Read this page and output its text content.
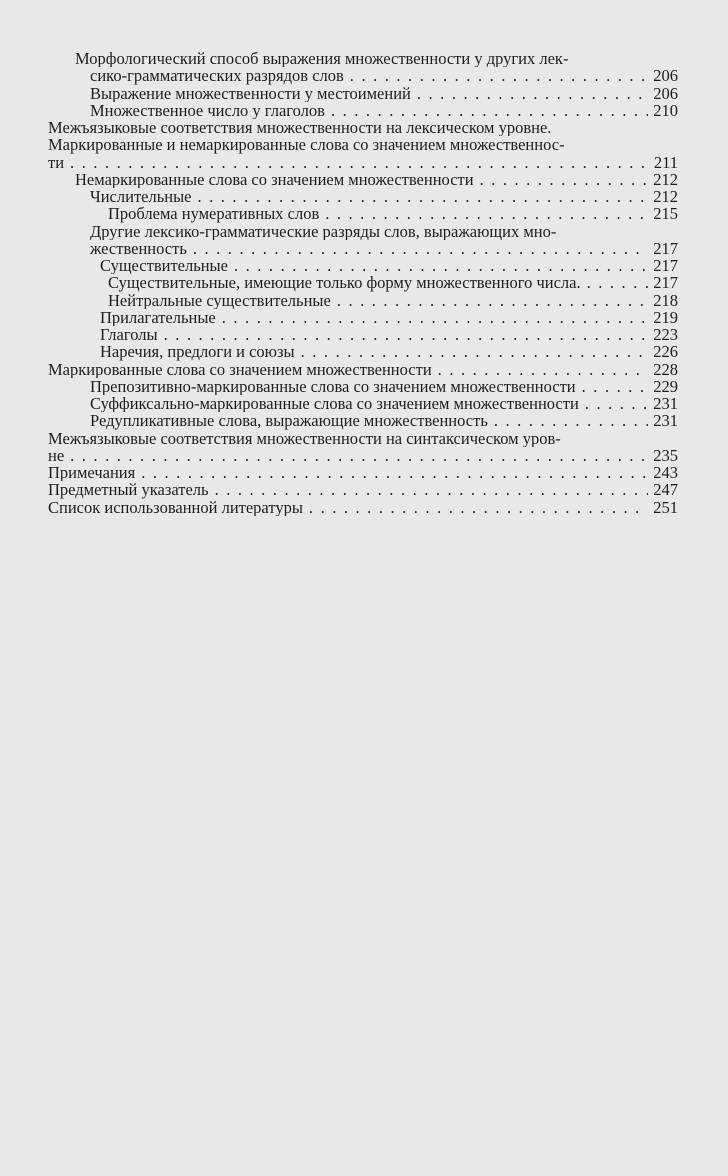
Морфологический способ выражения множественности у других лек-
сико-грамматических разрядов слов . . .	206
Выражение множественности у местоимений . . .	206
Множественное число у глаголов . . .	210
Межъязыковые соответствия множественности на лексическом уровне.
Маркированные и немаркированные слова со значением множественнос-
ти . . .	211
Немаркированные слова со значением множественности . . .	212
Числительные . . .	212
Проблема нумеративных слов . . .	215
Другие лексико-грамматические разряды слов, выражающих мно-
жественность . . .	217
Существительные . . .	217
Существительные, имеющие только форму множественного числа. . . .	217
Нейтральные существительные . . .	218
Прилагательные . . .	219
Глаголы . . .	223
Наречия, предлоги и союзы . . .	226
Маркированные слова со значением множественности . . .	228
Препозитивно-маркированные слова со значением множественности . . .	229
Суффиксально-маркированные слова со значением множественности . . .	231
Редупликативные слова, выражающие множественность . . .	231
Межъязыковые соответствия множественности на синтаксическом уров-
не . . .	235
Примечания . . .	243
Предметный указатель . . .	247
Список использованной литературы . . .	251
